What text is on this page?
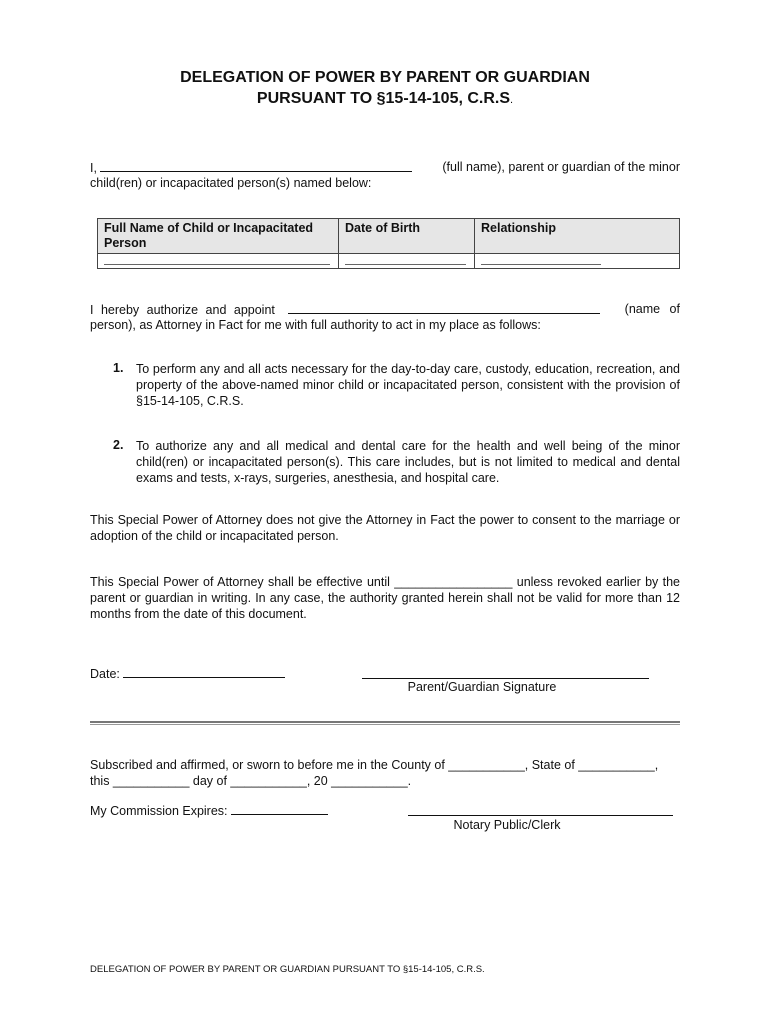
DELEGATION OF POWER BY PARENT OR GUARDIAN
PURSUANT TO §15-14-105, C.R.S.
I,	(full name), parent or guardian of the minor
child(ren) or incapacitated person(s) named below:
Full Name of Child or Incapacitated Person	Date of Birth	Relationship

I hereby authorize and appoint	(name of
person), as Attorney in Fact for me with full authority to act in my place as follows:
1. To perform any and all acts necessary for the day-to-day care, custody, education, recreation, and property of the above-named minor child or incapacitated person, consistent with the provision of §15-14-105, C.R.S.
2. To authorize any and all medical and dental care for the health and well being of the minor child(ren) or incapacitated person(s). This care includes, but is not limited to medical and dental exams and tests, x-rays, surgeries, anesthesia, and hospital care.
This Special Power of Attorney does not give the Attorney in Fact the power to consent to the marriage or adoption of the child or incapacitated person.
This Special Power of Attorney shall be effective until _________________ unless revoked earlier by the parent or guardian in writing. In any case, the authority granted herein shall not be valid for more than 12 months from the date of this document.
Date:
Parent/Guardian Signature
Subscribed and affirmed, or sworn to before me in the County of ___________, State of ___________,
this ___________ day of ___________, 20 ___________.
My Commission Expires:
Notary Public/Clerk
DELEGATION OF POWER BY PARENT OR GUARDIAN PURSUANT TO §15-14-105, C.R.S.
